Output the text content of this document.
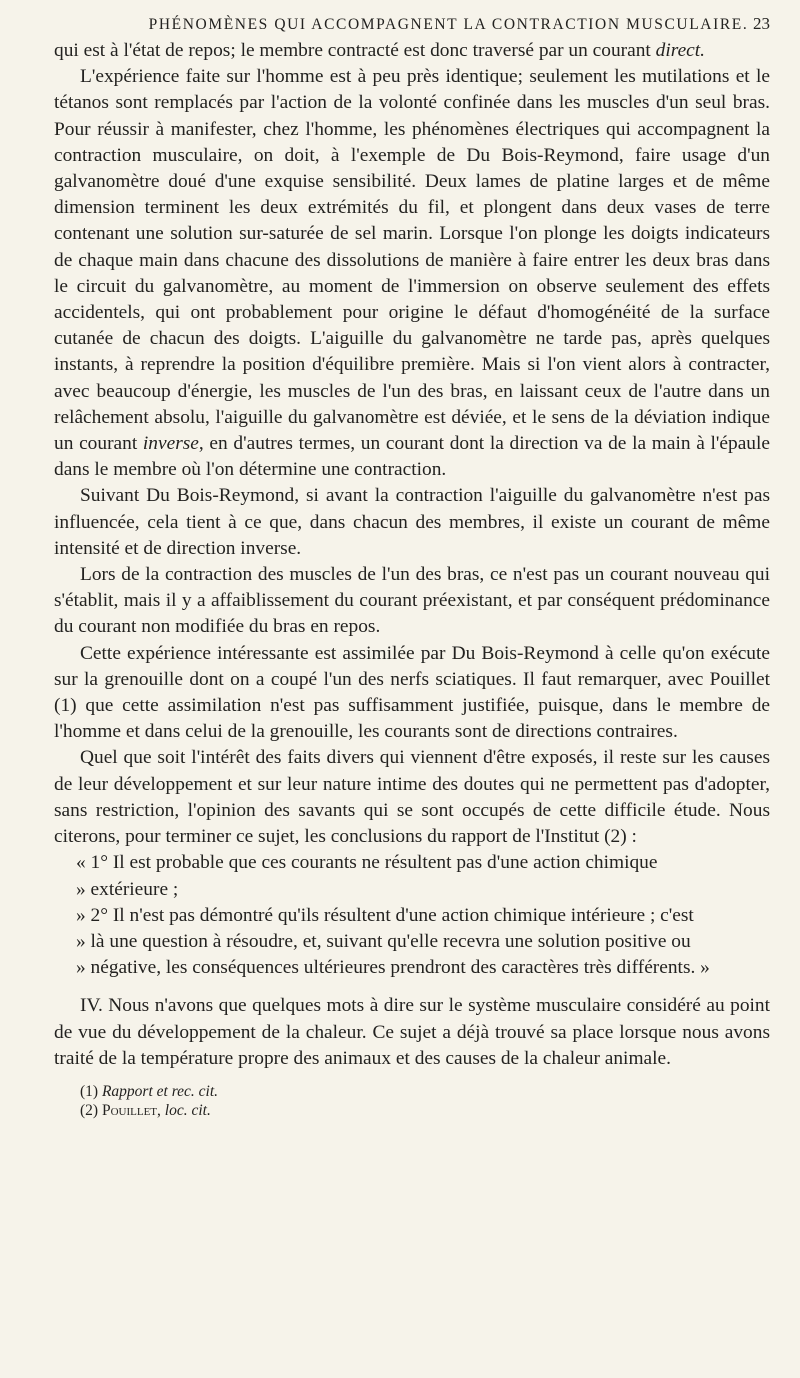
PHÉNOMÈNES QUI ACCOMPAGNENT LA CONTRACTION MUSCULAIRE. 23

qui est à l'état de repos; le membre contracté est donc traversé par un courant direct.

L'expérience faite sur l'homme est à peu près identique; seulement les mutilations et le tétanos sont remplacés par l'action de la volonté confinée dans les muscles d'un seul bras. Pour réussir à manifester, chez l'homme, les phénomènes électriques qui accompagnent la contraction musculaire, on doit, à l'exemple de Du Bois-Reymond, faire usage d'un galvanomètre doué d'une exquise sensibilité. Deux lames de platine larges et de même dimension terminent les deux extrémités du fil, et plongent dans deux vases de terre contenant une solution sur-saturée de sel marin. Lorsque l'on plonge les doigts indicateurs de chaque main dans chacune des dissolutions de manière à faire entrer les deux bras dans le circuit du galvanomètre, au moment de l'immersion on observe seulement des effets accidentels, qui ont probablement pour origine le défaut d'homogénéité de la surface cutanée de chacun des doigts. L'aiguille du galvanomètre ne tarde pas, après quelques instants, à reprendre la position d'équilibre première. Mais si l'on vient alors à contracter, avec beaucoup d'énergie, les muscles de l'un des bras, en laissant ceux de l'autre dans un relâchement absolu, l'aiguille du galvanomètre est déviée, et le sens de la déviation indique un courant inverse, en d'autres termes, un courant dont la direction va de la main à l'épaule dans le membre où l'on détermine une contraction.

Suivant Du Bois-Reymond, si avant la contraction l'aiguille du galvanomètre n'est pas influencée, cela tient à ce que, dans chacun des membres, il existe un courant de même intensité et de direction inverse.

Lors de la contraction des muscles de l'un des bras, ce n'est pas un courant nouveau qui s'établit, mais il y a affaiblissement du courant préexistant, et par conséquent prédominance du courant non modifiée du bras en repos.

Cette expérience intéressante est assimilée par Du Bois-Reymond à celle qu'on exécute sur la grenouille dont on a coupé l'un des nerfs sciatiques. Il faut remarquer, avec Pouillet (1) que cette assimilation n'est pas suffisamment justifiée, puisque, dans le membre de l'homme et dans celui de la grenouille, les courants sont de directions contraires.

Quel que soit l'intérêt des faits divers qui viennent d'être exposés, il reste sur les causes de leur développement et sur leur nature intime des doutes qui ne permettent pas d'adopter, sans restriction, l'opinion des savants qui se sont occupés de cette difficile étude. Nous citerons, pour terminer ce sujet, les conclusions du rapport de l'Institut (2) :

« 1° Il est probable que ces courants ne résultent pas d'une action chimique

» extérieure ;

» 2° Il n'est pas démontré qu'ils résultent d'une action chimique intérieure ; c'est

» là une question à résoudre, et, suivant qu'elle recevra une solution positive ou

» négative, les conséquences ultérieures prendront des caractères très différents. »

IV. Nous n'avons que quelques mots à dire sur le système musculaire considéré au point de vue du développement de la chaleur. Ce sujet a déjà trouvé sa place lorsque nous avons traité de la température propre des animaux et des causes de la chaleur animale.

(1) Rapport et rec. cit.

(2) Pouillet, loc. cit.
